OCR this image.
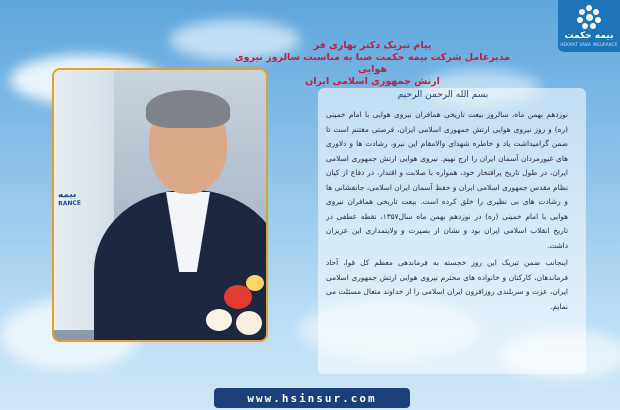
بیمه حکمت
HEKMAT SABA INSURANCE
پیام تبریک دکتر بهاری فر
مدیرعامل شرکت بیمه حکمت صبا به مناسبت سالروز نیروی هوایی
ارتش جمهوری اسلامی ایران
بیمه
RANCE
بسم الله الرحمن الرحیم

نوزدهم بهمن ماه، سالروز بیعت تاریخی همافران نیروی هوایی با امام خمینی (ره) و روز نیروی هوایی ارتش جمهوری اسلامی ایران، فرصتی مغتنم است تا ضمن گرامیداشت یاد و خاطره شهدای والامقام این نیرو، رشادت ها و دلاوری های غیورمردان آسمان ایران را ارج نهیم. نیروی هوایی ارتش جمهوری اسلامی ایران، در طول تاریخ پرافتخار خود، همواره با صلابت و اقتدار، در دفاع از کیان نظام مقدس جمهوری اسلامی ایران و حفظ آسمان ایران اسلامی، جانفشانی ها و رشادت های بی نظیری را خلق کرده است. بیعت تاریخی همافران نیروی هوایی با امام خمینی (ره) در نوزدهم بهمن ماه سال۱۳۵۷، نقطه عطفی در تاریخ انقلاب اسلامی ایران بود و نشان از بصیرت و ولایتمداری این عزیزان داشت.

اینجانب ضمن تبریک این روز خجسته به فرماندهی معظم کل قوا، آحاد فرماندهان، کارکنان و خانواده های محترم نیروی هوایی ارتش جمهوری اسلامی ایران، عزت و سربلندی روزافزون ایران اسلامی را از خداوند متعال مسئلت می نمایم.

www.hsinsur.com
